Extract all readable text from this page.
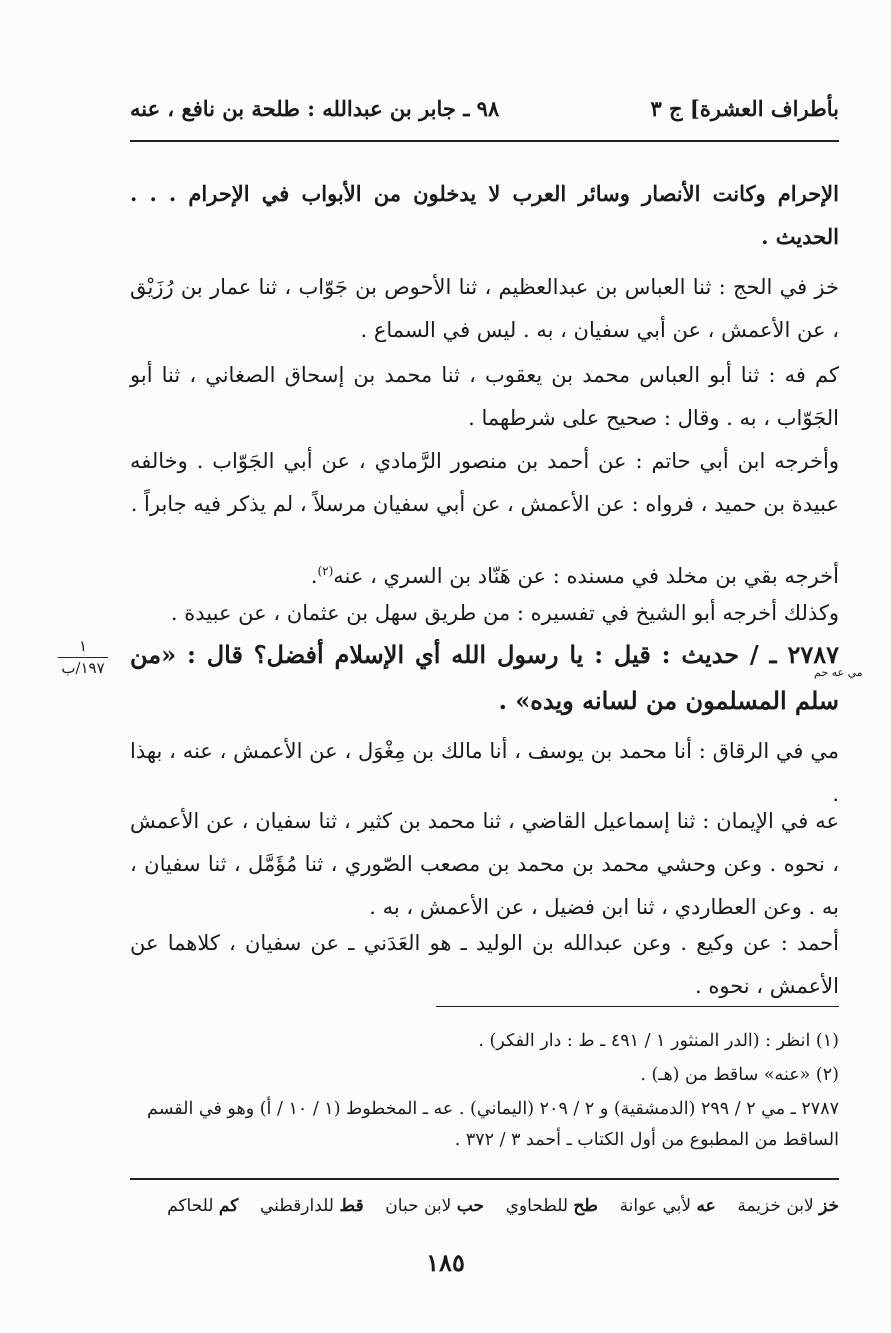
بأطراف العشرة] ج ٣
٩٨ ـ جابر بن عبدالله : طلحة بن نافع ، عنه
الإحرام وكانت الأنصار وسائر العرب لا يدخلون من الأبواب في الإحرام . . . الحديث .
خز في الحج : ثنا العباس بن عبدالعظيم ، ثنا الأحوص بن جَوّاب ، ثنا عمار بن رُزَيْق ، عن الأعمش ، عن أبي سفيان ، به . ليس في السماع .
كم فه : ثنا أبو العباس محمد بن يعقوب ، ثنا محمد بن إسحاق الصغاني ، ثنا أبو الجَوّاب ، به . وقال : صحيح على شرطهما .
وأخرجه ابن أبي حاتم : عن أحمد بن منصور الرَّمادي ، عن أبي الجَوّاب . وخالفه عبيدة بن حميد ، فرواه : عن الأعمش ، عن أبي سفيان مرسلاً ، لم يذكر فيه جابراً .
أخرجه بقي بن مخلد في مسنده : عن هَنّاد بن السري ، عنه$^{(٢)}$.
وكذلك أخرجه أبو الشيخ في تفسيره : من طريق سهل بن عثمان ، عن عبيدة .
١
١٩٧/ب	مي عه حم
٢٧٨٧ ـ / حديث : قيل : يا رسول الله أي الإسلام أفضل؟ قال : «من سلم المسلمون من لسانه ويده» .
مي في الرقاق : أنا محمد بن يوسف ، أنا مالك بن مِغْوَل ، عن الأعمش ، عنه ، بهذا .
عه في الإيمان : ثنا إسماعيل القاضي ، ثنا محمد بن كثير ، ثنا سفيان ، عن الأعمش ، نحوه . وعن وحشي محمد بن محمد بن مصعب الصّوري ، ثنا مُؤَمَّل ، ثنا سفيان ، به . وعن العطاردي ، ثنا ابن فضيل ، عن الأعمش ، به .
أحمد : عن وكيع . وعن عبدالله بن الوليد ـ هو العَدَني ـ عن سفيان ، كلاهما عن الأعمش ، نحوه .
(١) انظر : (الدر المنثور ١ / ٤٩١ ـ ط : دار الفكر) .
(٢) «عنه» ساقط من (هـ) .
٢٧٨٧ ـ مي ٢ / ٢٩٩ (الدمشقية) و ٢ / ٢٠٩ (اليماني) . عه ـ المخطوط (١ / ١٠ / أ) وهو في القسم الساقط من المطبوع من أول الكتاب ـ أحمد ٣ / ٣٧٢ .
خز لابن خزيمة    عه لأبي عوانة    طح للطحاوي    حب لابن حبان    قط للدارقطني    كم للحاكم
١٨٥
